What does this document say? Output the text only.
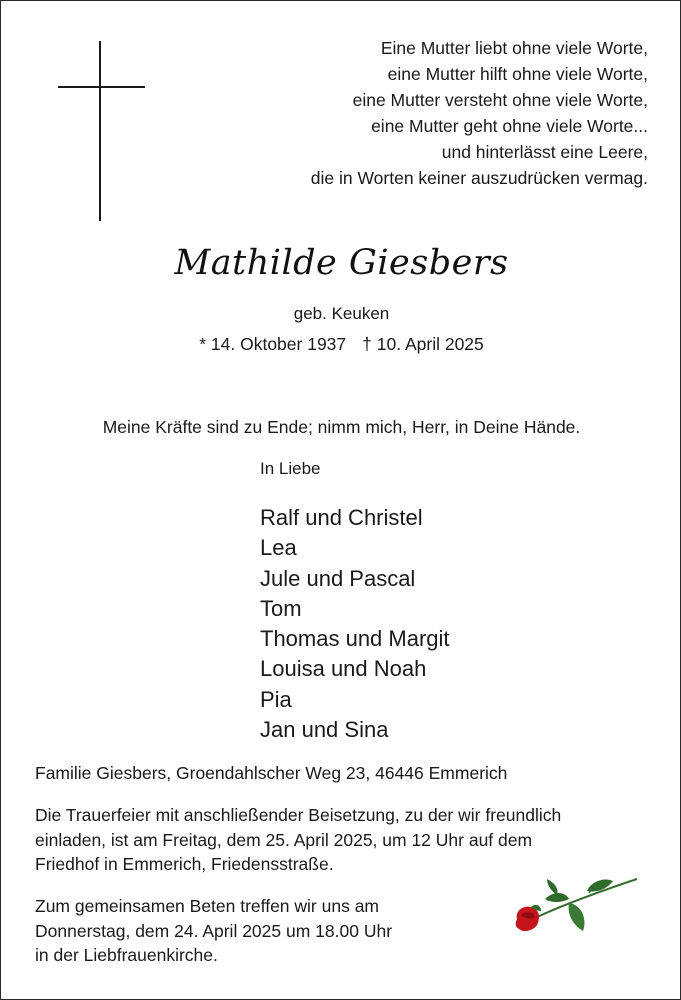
Eine Mutter liebt ohne viele Worte,
eine Mutter hilft ohne viele Worte,
eine Mutter versteht ohne viele Worte,
eine Mutter geht ohne viele Worte...
und hinterlässt eine Leere,
die in Worten keiner auszudrücken vermag.
Mathilde Giesbers
geb. Keuken
* 14. Oktober 1937 † 10. April 2025
Meine Kräfte sind zu Ende; nimm mich, Herr, in Deine Hände.
In Liebe
Ralf und Christel
Lea
Jule und Pascal
Tom
Thomas und Margit
Louisa und Noah
Pia
Jan und Sina
Familie Giesbers, Groendahlscher Weg 23, 46446 Emmerich
Die Trauerfeier mit anschließender Beisetzung, zu der wir freundlich
einladen, ist am Freitag, dem 25. April 2025, um 12 Uhr auf dem
Friedhof in Emmerich, Friedensstraße.
Zum gemeinsamen Beten treffen wir uns am
Donnerstag, dem 24. April 2025 um 18.00 Uhr
in der Liebfrauenkirche.
